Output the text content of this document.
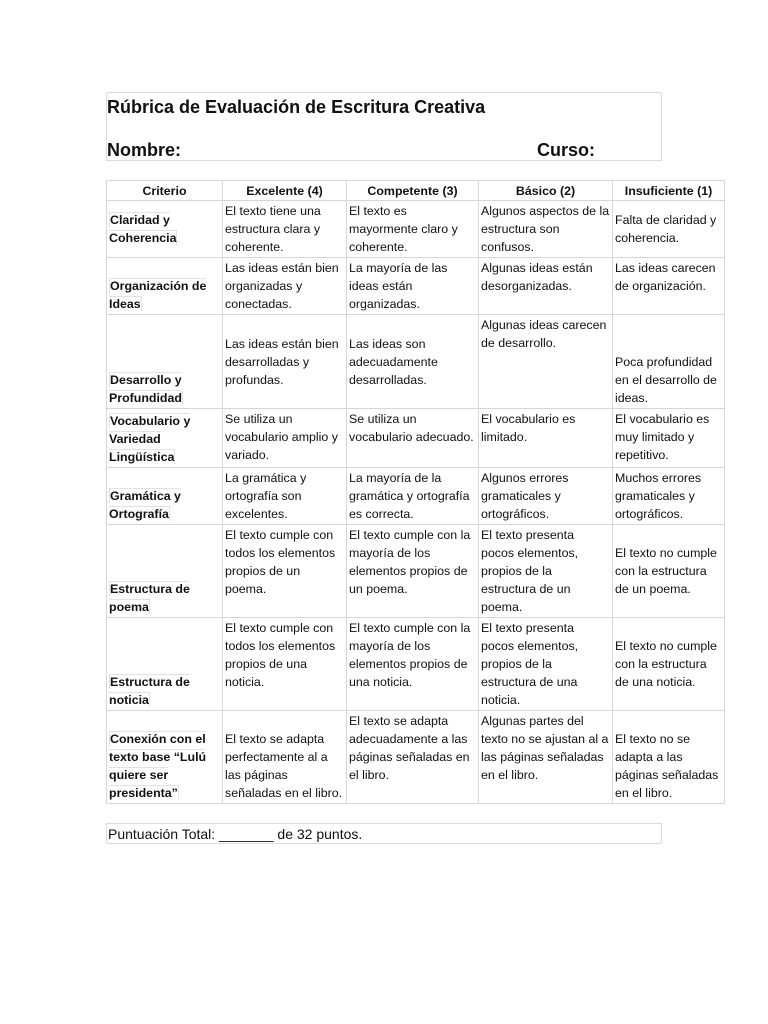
Rúbrica de Evaluación de Escritura Creativa
Nombre:	Curso:
Criterio	Excelente (4)	Competente (3)	Básico (2)	Insuficiente (1)
Claridad y Coherencia	El texto tiene una estructura clara y coherente.	El texto es mayormente claro y coherente.	Algunos aspectos de la estructura son confusos.	Falta de claridad y coherencia.
Organización de Ideas	Las ideas están bien organizadas y conectadas.	La mayoría de las ideas están organizadas.	Algunas ideas están desorganizadas.	Las ideas carecen de organización.
Desarrollo y Profundidad	Las ideas están bien desarrolladas y profundas.	Las ideas son adecuadamente desarrolladas.	Algunas ideas carecen de desarrollo.	Poca profundidad en el desarrollo de ideas.
Vocabulario y Variedad Lingüística	Se utiliza un vocabulario amplio y variado.	Se utiliza un vocabulario adecuado.	El vocabulario es limitado.	El vocabulario es muy limitado y repetitivo.
Gramática y Ortografía	La gramática y ortografía son excelentes.	La mayoría de la gramática y ortografía es correcta.	Algunos errores gramaticales y ortográficos.	Muchos errores gramaticales y ortográficos.
Estructura de poema	El texto cumple con todos los elementos propios de un poema.	El texto cumple con la mayoría de los elementos propios de un poema.	El texto presenta pocos elementos, propios de la estructura de un poema.	El texto no cumple con la estructura de un poema.
Estructura de noticia	El texto cumple con todos los elementos propios de una noticia.	El texto cumple con la mayoría de los elementos propios de una noticia.	El texto presenta pocos elementos, propios de la estructura de una noticia.	El texto no cumple con la estructura de una noticia.
Conexión con el texto base “Lulú quiere ser presidenta”	El texto se adapta perfectamente al a las páginas señaladas en el libro.	El texto se adapta adecuadamente a las páginas señaladas en el libro.	Algunas partes del texto no se ajustan al a las páginas señaladas en el libro.	El texto no se adapta a las páginas señaladas en el libro.
Puntuación Total: _______ de 32 puntos.
